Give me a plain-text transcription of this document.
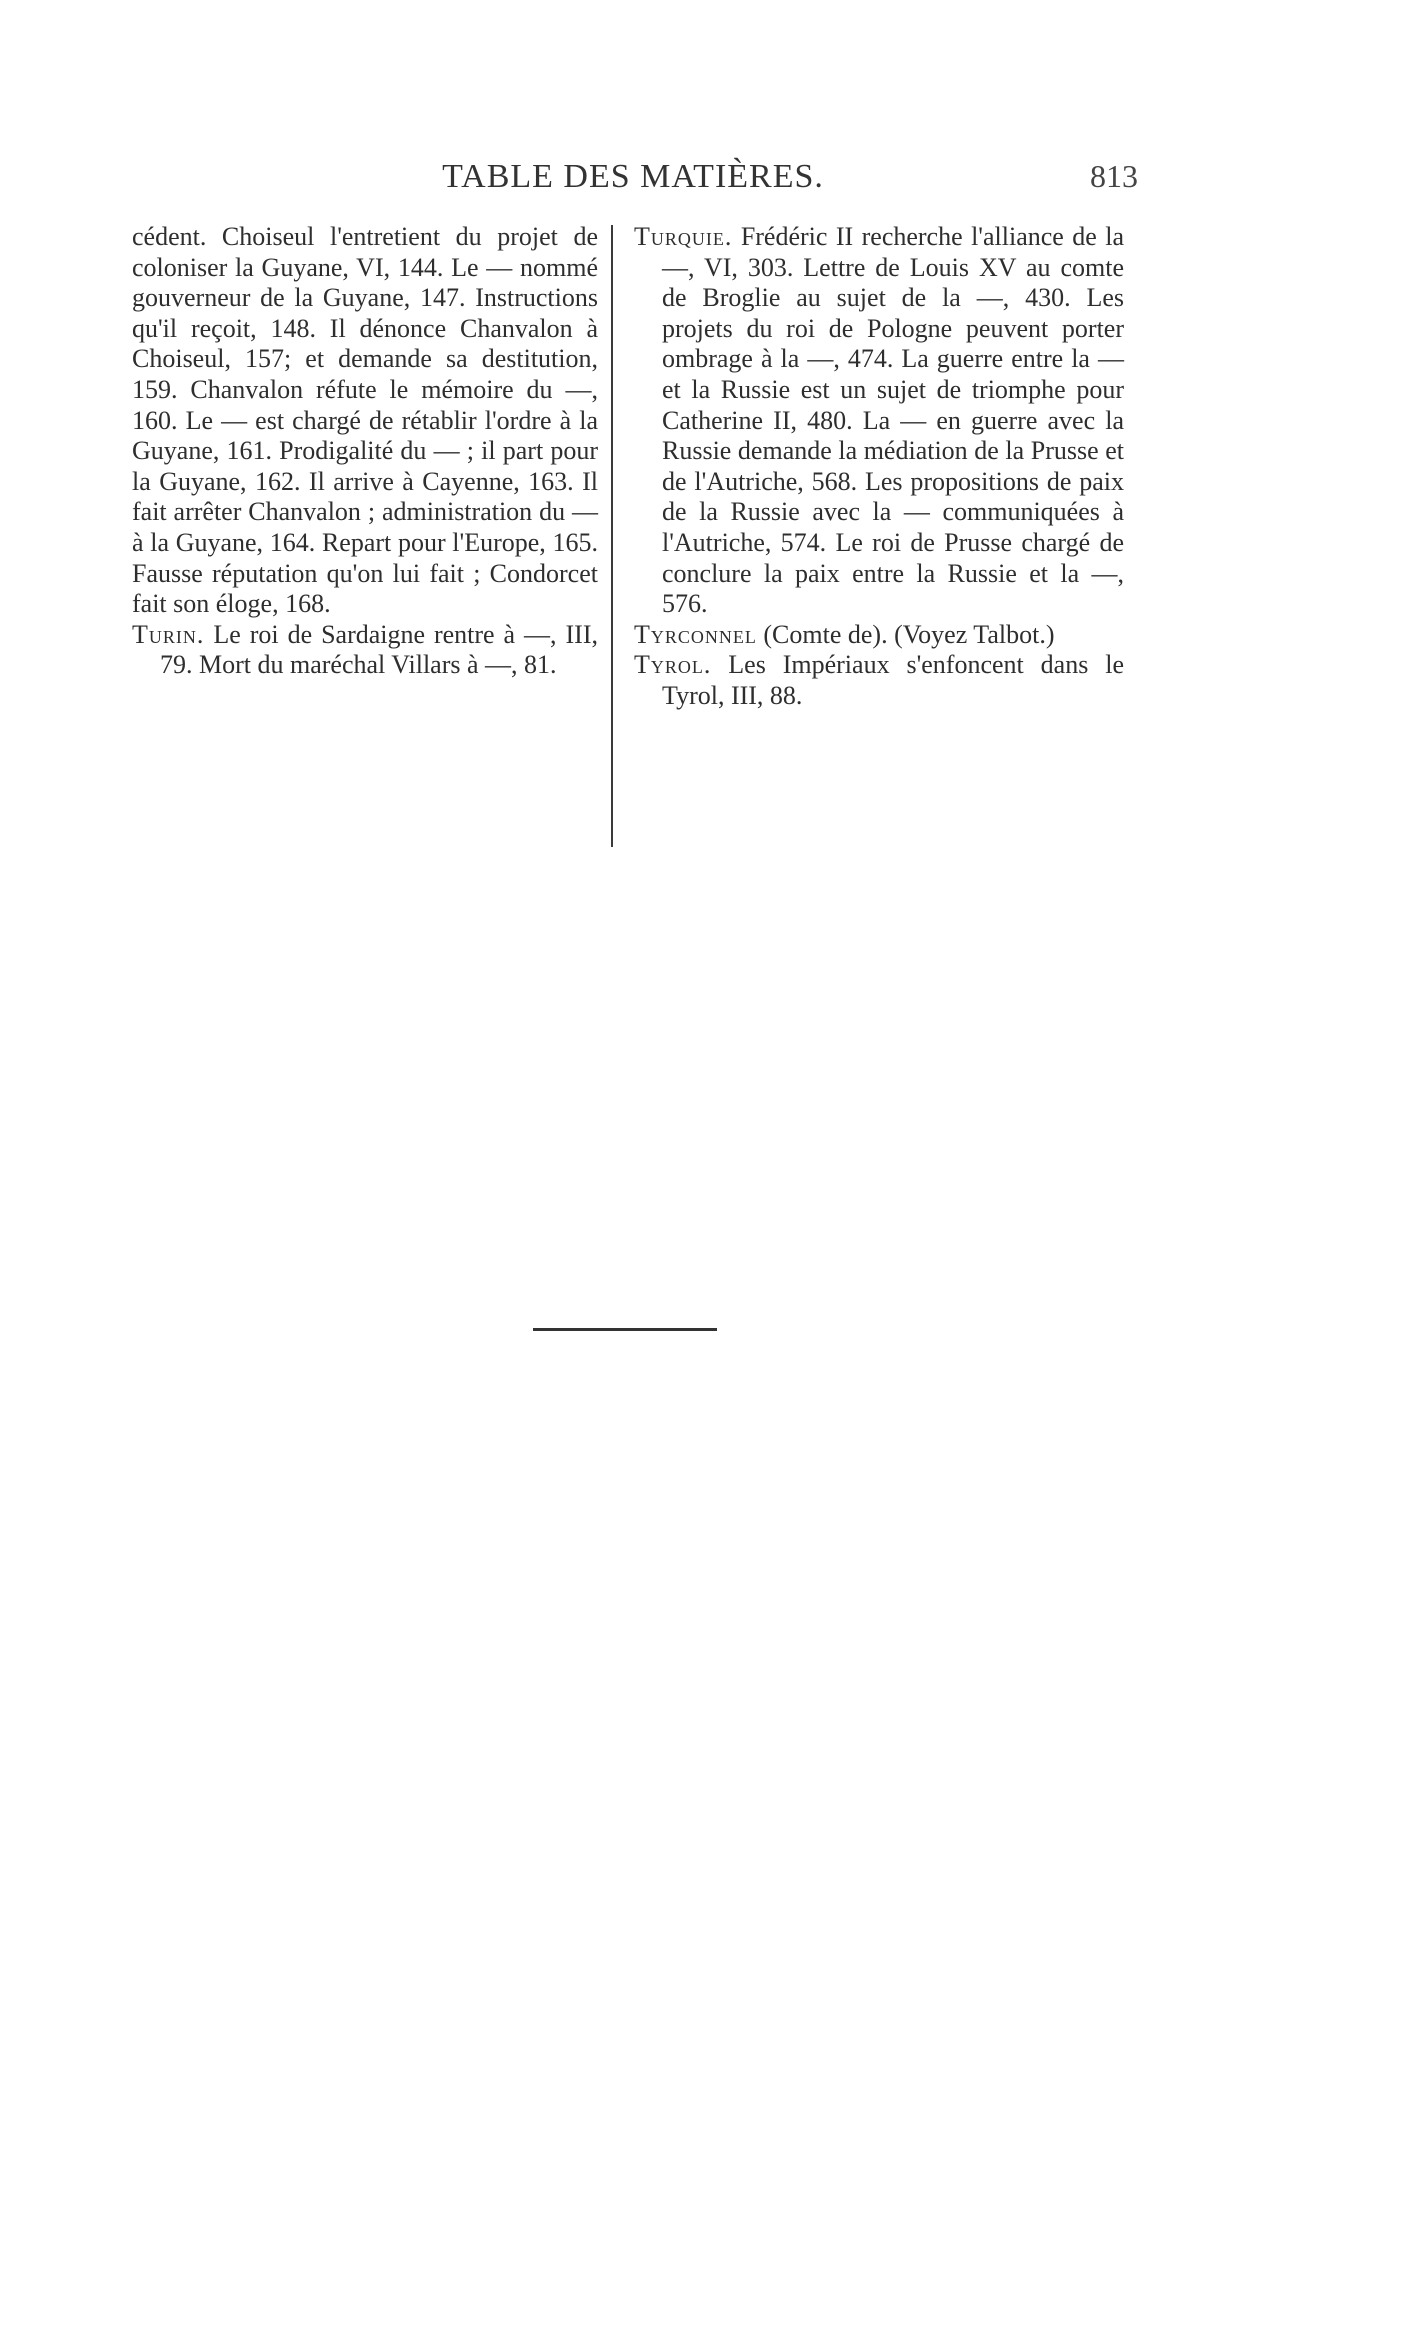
TABLE DES MATIÈRES.	813

cédent. Choiseul l'entretient du projet de coloniser la Guyane, VI, 144. Le — nommé gouverneur de la Guyane, 147. Instructions qu'il reçoit, 148. Il dénonce Chanvalon à Choiseul, 157; et demande sa destitution, 159. Chanvalon réfute le mémoire du —, 160. Le — est chargé de rétablir l'ordre à la Guyane, 161. Prodigalité du — ; il part pour la Guyane, 162. Il arrive à Cayenne, 163. Il fait arrêter Chanvalon ; administration du — à la Guyane, 164. Repart pour l'Europe, 165. Fausse réputation qu'on lui fait ; Condorcet fait son éloge, 168.

Turin. Le roi de Sardaigne rentre à —, III, 79. Mort du maréchal Villars à —, 81.

Turquie. Frédéric II recherche l'alliance de la —, VI, 303. Lettre de Louis XV au comte de Broglie au sujet de la —, 430. Les projets du roi de Pologne peuvent porter ombrage à la —, 474. La guerre entre la — et la Russie est un sujet de triomphe pour Catherine II, 480. La — en guerre avec la Russie demande la médiation de la Prusse et de l'Autriche, 568. Les propositions de paix de la Russie avec la — communiquées à l'Autriche, 574. Le roi de Prusse chargé de conclure la paix entre la Russie et la —, 576.

Tyrconnel (Comte de). (Voyez Talbot.)

Tyrol. Les Impériaux s'enfoncent dans le Tyrol, III, 88.
